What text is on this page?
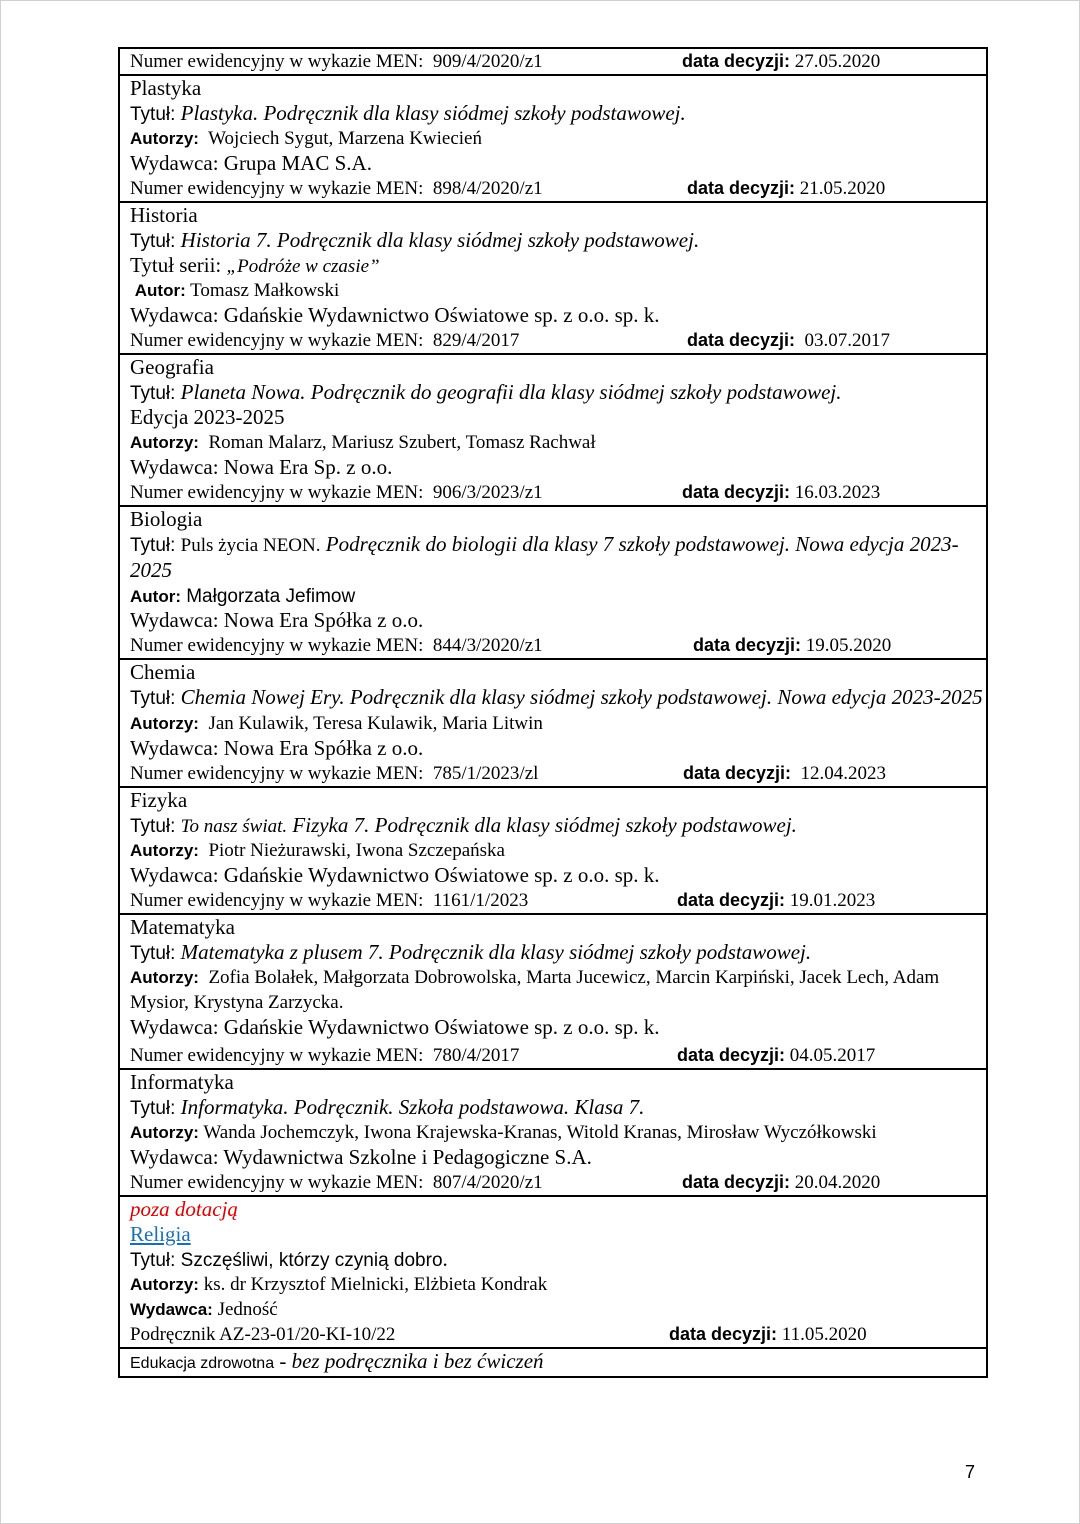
Numer ewidencyjny w wykazie MEN: 909/4/2020/z1	data decyzji: 27.05.2020
Plastyka
Tytuł: Plastyka. Podręcznik dla klasy siódmej szkoły podstawowej.
Autorzy: Wojciech Sygut, Marzena Kwiecień
Wydawca: Grupa MAC S.A.
Numer ewidencyjny w wykazie MEN: 898/4/2020/z1	data decyzji: 21.05.2020
Historia
Tytuł: Historia 7. Podręcznik dla klasy siódmej szkoły podstawowej.
Tytuł serii: „Podróże w czasie”
Autor: Tomasz Małkowski
Wydawca: Gdańskie Wydawnictwo Oświatowe sp. z o.o. sp. k.
Numer ewidencyjny w wykazie MEN: 829/4/2017	data decyzji: 03.07.2017
Geografia
Tytuł: Planeta Nowa. Podręcznik do geografii dla klasy siódmej szkoły podstawowej.
Edycja 2023-2025
Autorzy: Roman Malarz, Mariusz Szubert, Tomasz Rachwał
Wydawca: Nowa Era Sp. z o.o.
Numer ewidencyjny w wykazie MEN: 906/3/2023/z1	data decyzji: 16.03.2023
Biologia
Tytuł: Puls życia NEON. Podręcznik do biologii dla klasy 7 szkoły podstawowej. Nowa edycja 2023-2025
Autor: Małgorzata Jefimow
Wydawca: Nowa Era Spółka z o.o.
Numer ewidencyjny w wykazie MEN: 844/3/2020/z1	data decyzji: 19.05.2020
Chemia
Tytuł: Chemia Nowej Ery. Podręcznik dla klasy siódmej szkoły podstawowej. Nowa edycja 2023-2025
Autorzy: Jan Kulawik, Teresa Kulawik, Maria Litwin
Wydawca: Nowa Era Spółka z o.o.
Numer ewidencyjny w wykazie MEN: 785/1/2023/zl	data decyzji: 12.04.2023
Fizyka
Tytuł: To nasz świat. Fizyka 7. Podręcznik dla klasy siódmej szkoły podstawowej.
Autorzy: Piotr Nieżurawski, Iwona Szczepańska
Wydawca: Gdańskie Wydawnictwo Oświatowe sp. z o.o. sp. k.
Numer ewidencyjny w wykazie MEN: 1161/1/2023	data decyzji: 19.01.2023
Matematyka
Tytuł: Matematyka z plusem 7. Podręcznik dla klasy siódmej szkoły podstawowej.
Autorzy: Zofia Bolałek, Małgorzata Dobrowolska, Marta Jucewicz, Marcin Karpiński, Jacek Lech, Adam Mysior, Krystyna Zarzycka.
Wydawca: Gdańskie Wydawnictwo Oświatowe sp. z o.o. sp. k.
Numer ewidencyjny w wykazie MEN: 780/4/2017	data decyzji: 04.05.2017
Informatyka
Tytuł: Informatyka. Podręcznik. Szkoła podstawowa. Klasa 7.
Autorzy: Wanda Jochemczyk, Iwona Krajewska-Kranas, Witold Kranas, Mirosław Wyczółkowski
Wydawca: Wydawnictwa Szkolne i Pedagogiczne S.A.
Numer ewidencyjny w wykazie MEN: 807/4/2020/z1	data decyzji: 20.04.2020
poza dotacją
Religia
Tytuł: Szczęśliwi, którzy czynią dobro.
Autorzy: ks. dr Krzysztof Mielnicki, Elżbieta Kondrak
Wydawca: Jedność
Podręcznik AZ-23-01/20-KI-10/22	data decyzji: 11.05.2020
Edukacja zdrowotna - bez podręcznika i bez ćwiczeń
7
